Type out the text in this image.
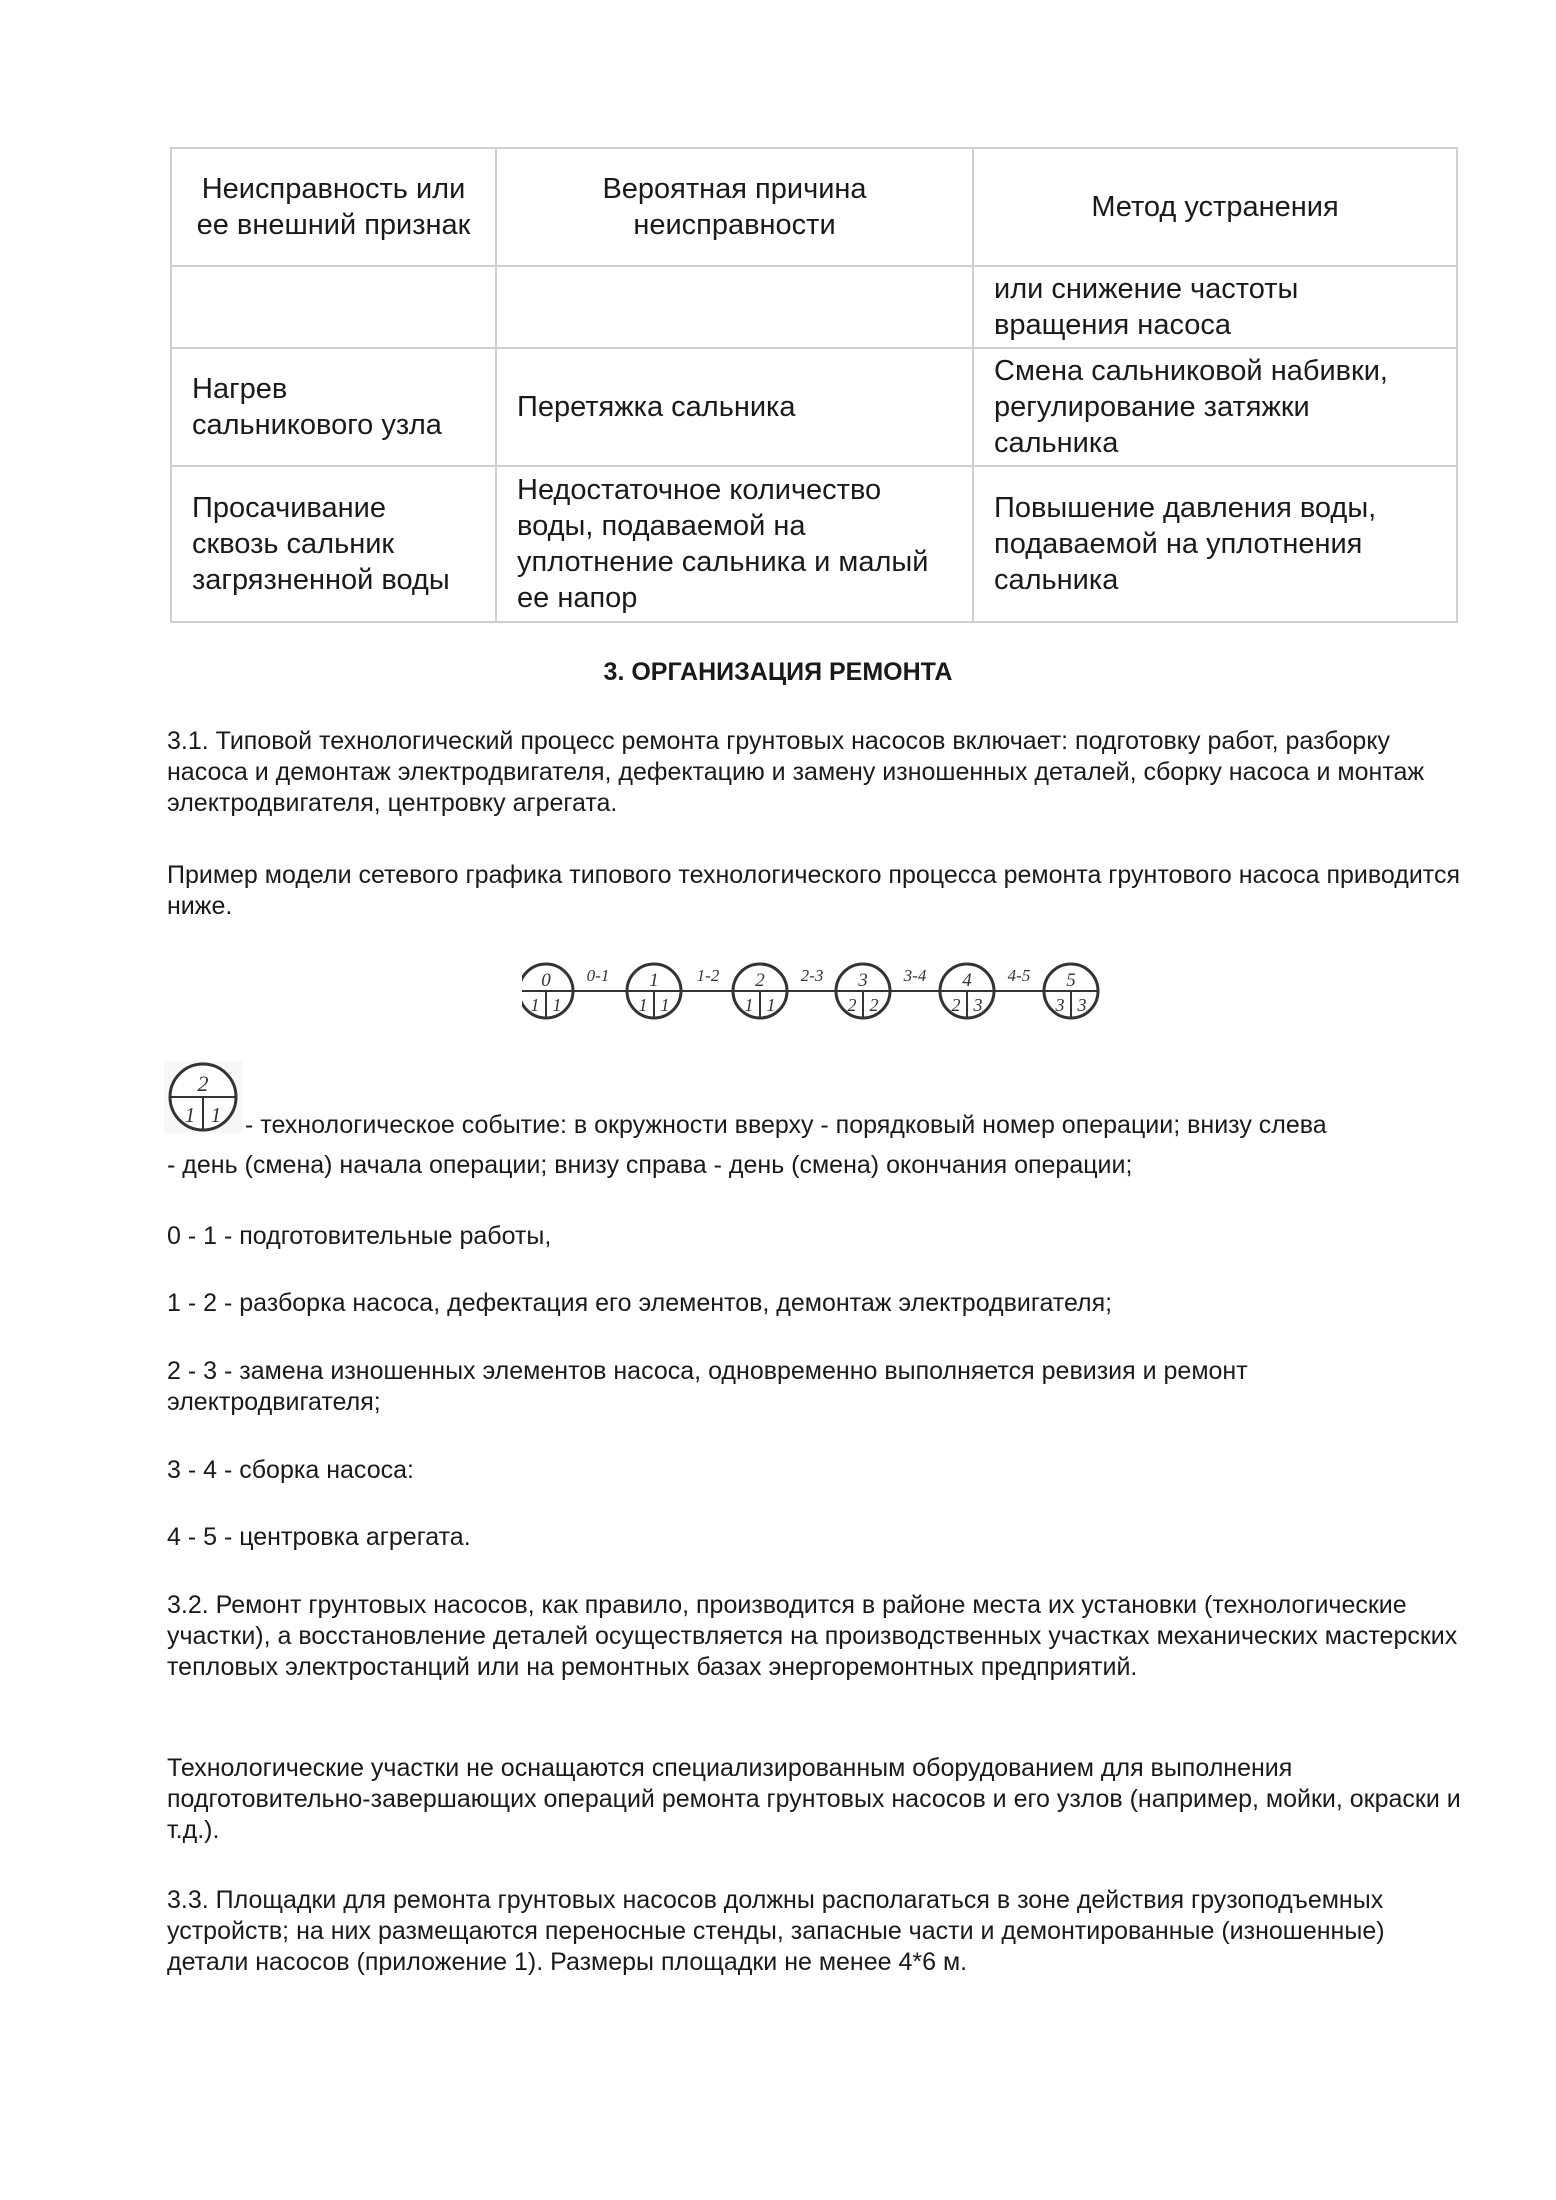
Неисправность или ее внешний признак	Вероятная причина неисправности	Метод устранения
		или снижение частоты вращения насоса
Нагрев сальникового узла	Перетяжка сальника	Смена сальниковой набивки, регулирование затяжки сальника
Просачивание сквозь сальник загрязненной воды	Недостаточное количество воды, подаваемой на уплотнение сальника и малый ее напор	Повышение давления воды, подаваемой на уплотнения сальника
3. ОРГАНИЗАЦИЯ РЕМОНТА
3.1. Типовой технологический процесс ремонта грунтовых насосов включает: подготовку работ, разборку насоса и демонтаж электродвигателя, дефектацию и замену изношенных деталей, сборку насоса и монтаж электродвигателя, центровку агрегата.
Пример модели сетевого графика типового технологического процесса ремонта грунтового насоса приводится ниже.
0
1 1
0-1 1
1 1
1-2 2
1 1
2-3 3
2 2
3-4 4
2 3
4-5 5
3 3
2
1 1 - технологическое событие: в окружности вверху - порядковый номер операции; внизу слева
- день (смена) начала операции; внизу справа - день (смена) окончания операции;
0 - 1 - подготовительные работы,
1 - 2 - разборка насоса, дефектация его элементов, демонтаж электродвигателя;
2 - 3 - замена изношенных элементов насоса, одновременно выполняется ревизия и ремонт электродвигателя;
3 - 4 - сборка насоса:
4 - 5 - центровка агрегата.
3.2. Ремонт грунтовых насосов, как правило, производится в районе места их установки (технологические участки), а восстановление деталей осуществляется на производственных участках механических мастерских тепловых электростанций или на ремонтных базах энергоремонтных предприятий.
Технологические участки не оснащаются специализированным оборудованием для выполнения подготовительно-завершающих операций ремонта грунтовых насосов и его узлов (например, мойки, окраски и т.д.).
3.3. Площадки для ремонта грунтовых насосов должны располагаться в зоне действия грузоподъемных устройств; на них размещаются переносные стенды, запасные части и демонтированные (изношенные) детали насосов (приложение 1). Размеры площадки не менее 4*6 м.
